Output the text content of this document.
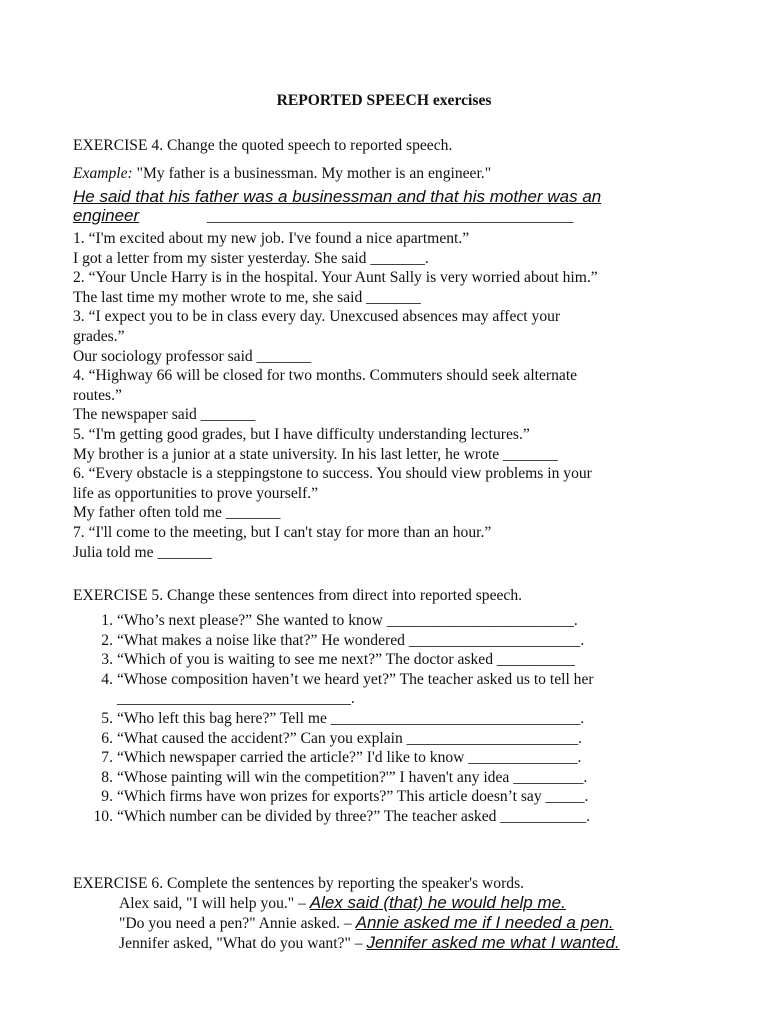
REPORTED SPEECH exercises
EXERCISE 4. Change the quoted speech to reported speech.
Example: "My father is a businessman. My mother is an engineer."
He said that his father was a businessman and that his mother was an
engineer	_______________________________________________
1. “I'm excited about my new job. I've found a nice apartment.”
I got a letter from my sister yesterday. She said _______.
2. “Your Uncle Harry is in the hospital. Your Aunt Sally is very worried about him.”
The last time my mother wrote to me, she said _______
3. “I expect you to be in class every day. Unexcused absences may affect your
grades.”
Our sociology professor said _______
4. “Highway 66 will be closed for two months. Commuters should seek alternate
routes.”
The newspaper said _______
5. “I'm getting good grades, but I have difficulty understanding lectures.”
My brother is a junior at a state university. In his last letter, he wrote _______
6. “Every obstacle is a steppingstone to success. You should view problems in your
life as opportunities to prove yourself.”
My father often told me _______
7. “I'll come to the meeting, but I can't stay for more than an hour.”
Julia told me _______
EXERCISE 5. Change these sentences from direct into reported speech.
1. “Who’s next please?” She wanted to know ________________________.
2. “What makes a noise like that?” He wondered ______________________.
3. “Which of you is waiting to see me next?” The doctor asked __________
4. “Whose composition haven’t we heard yet?” The teacher asked us to tell her
______________________________.
5. “Who left this bag here?” Tell me ________________________________.
6. “What caused the accident?” Can you explain ______________________.
7. “Which newspaper carried the article?” I'd like to know ______________.
8. “Whose painting will win the competition?'” I haven't any idea _________.
9. “Which firms have won prizes for exports?” This article doesn’t say _____.
10. “Which number can be divided by three?” The teacher asked ___________.
EXERCISE 6. Complete the sentences by reporting the speaker's words.
Alex said, "I will help you." – Alex said (that) he would help me.
"Do you need a pen?" Annie asked. – Annie asked me if I needed a pen.
Jennifer asked, "What do you want?" – Jennifer asked me what I wanted.
